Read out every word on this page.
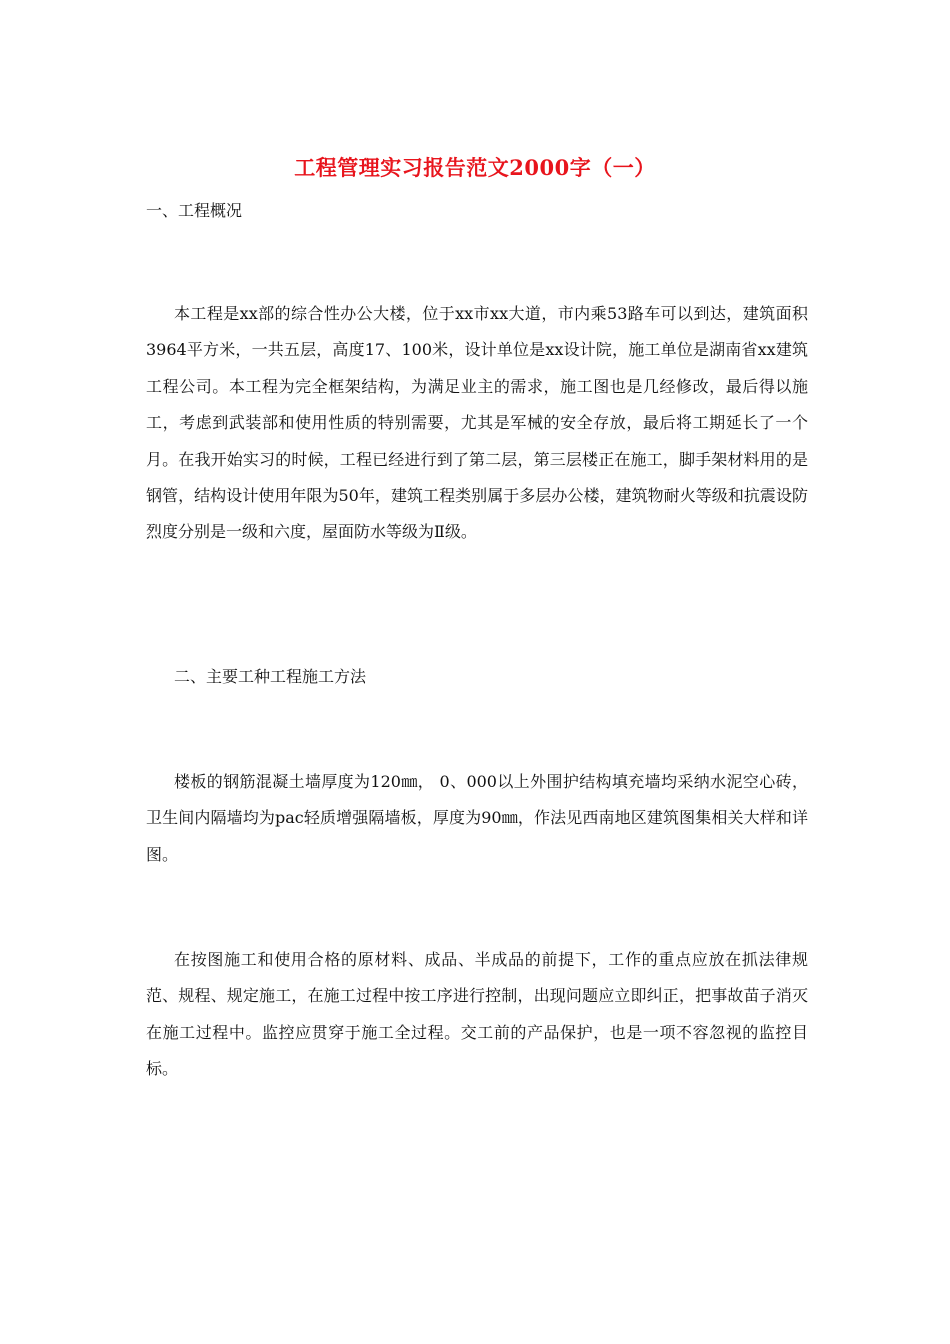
工程管理实习报告范文2000字（一）

一、工程概况

本工程是xx部的综合性办公大楼，位于xx市xx大道，市内乘53路车可以到达，建筑面积3964平方米，一共五层，高度17、100米，设计单位是xx设计院，施工单位是湖南省xx建筑工程公司。本工程为完全框架结构，为满足业主的需求，施工图也是几经修改，最后得以施工，考虑到武装部和使用性质的特别需要，尤其是军械的安全存放，最后将工期延长了一个月。在我开始实习的时候，工程已经进行到了第二层，第三层楼正在施工，脚手架材料用的是钢管，结构设计使用年限为50年，建筑工程类别属于多层办公楼，建筑物耐火等级和抗震设防烈度分别是一级和六度，屋面防水等级为Ⅱ级。

二、主要工种工程施工方法

楼板的钢筋混凝土墙厚度为120㎜， 0、000以上外围护结构填充墙均采纳水泥空心砖，卫生间内隔墙均为pac轻质增强隔墙板，厚度为90㎜，作法见西南地区建筑图集相关大样和详图。

在按图施工和使用合格的原材料、成品、半成品的前提下，工作的重点应放在抓法律规范、规程、规定施工，在施工过程中按工序进行控制，出现问题应立即纠正，把事故苗子消灭在施工过程中。监控应贯穿于施工全过程。交工前的产品保护，也是一项不容忽视的监控目标。
